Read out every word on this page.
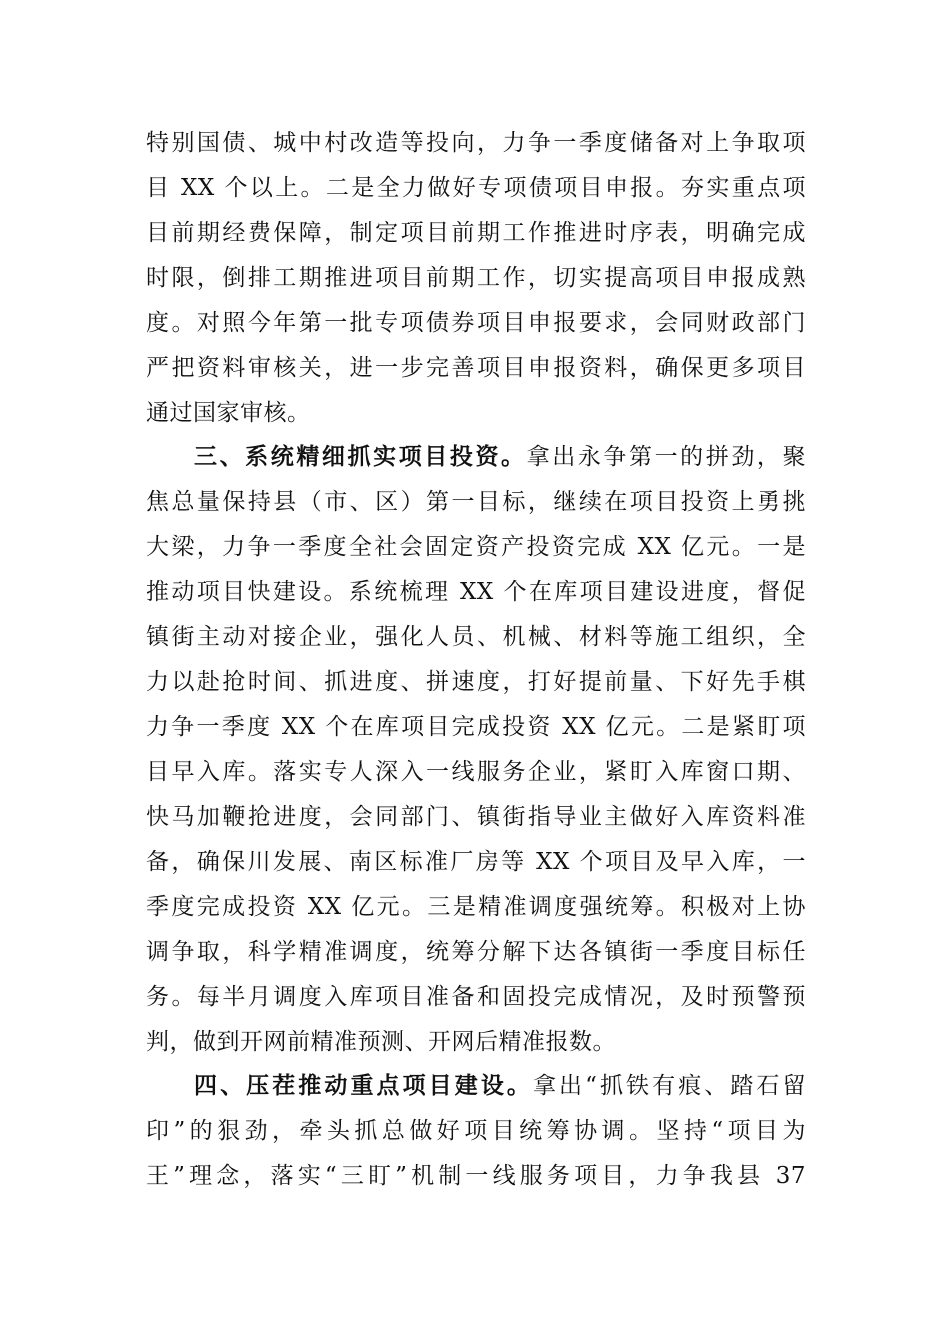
特别国债、城中村改造等投向，力争一季度储备对上争取项
目 XX 个以上。二是全力做好专项债项目申报。夯实重点项
目前期经费保障，制定项目前期工作推进时序表，明确完成
时限，倒排工期推进项目前期工作，切实提高项目申报成熟
度。对照今年第一批专项债券项目申报要求，会同财政部门
严把资料审核关，进一步完善项目申报资料，确保更多项目
通过国家审核。
三、系统精细抓实项目投资。拿出永争第一的拼劲，聚
焦总量保持县（市、区）第一目标，继续在项目投资上勇挑
大梁，力争一季度全社会固定资产投资完成 XX 亿元。一是
推动项目快建设。系统梳理 XX 个在库项目建设进度，督促
镇街主动对接企业，强化人员、机械、材料等施工组织，全
力以赴抢时间、抓进度、拼速度，打好提前量、下好先手棋
力争一季度 XX 个在库项目完成投资 XX 亿元。二是紧盯项
目早入库。落实专人深入一线服务企业，紧盯入库窗口期、
快马加鞭抢进度，会同部门、镇街指导业主做好入库资料准
备，确保川发展、南区标准厂房等 XX 个项目及早入库，一
季度完成投资 XX 亿元。三是精准调度强统筹。积极对上协
调争取，科学精准调度，统筹分解下达各镇街一季度目标任
务。每半月调度入库项目准备和固投完成情况，及时预警预
判，做到开网前精准预测、开网后精准报数。
四、压茬推动重点项目建设。拿出“抓铁有痕、踏石留
印”的狠劲，牵头抓总做好项目统筹协调。坚持“项目为
王”理念，落实“三盯”机制一线服务项目，力争我县 37
